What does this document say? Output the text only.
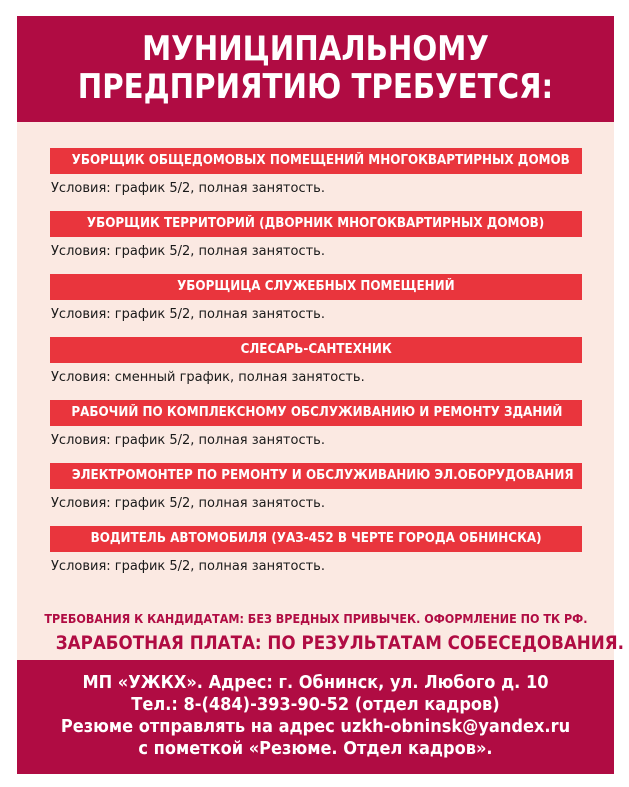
МУНИЦИПАЛЬНОМУ
ПРЕДПРИЯТИЮ ТРЕБУЕТСЯ:
УБОРЩИК ОБЩЕДОМОВЫХ ПОМЕЩЕНИЙ МНОГОКВАРТИРНЫХ ДОМОВ
Условия: график 5/2, полная занятость.
УБОРЩИК ТЕРРИТОРИЙ (ДВОРНИК МНОГОКВАРТИРНЫХ ДОМОВ)
Условия: график 5/2, полная занятость.
УБОРЩИЦА СЛУЖЕБНЫХ ПОМЕЩЕНИЙ
Условия: график 5/2, полная занятость.
СЛЕСАРЬ-САНТЕХНИК
Условия: сменный график, полная занятость.
РАБОЧИЙ ПО КОМПЛЕКСНОМУ ОБСЛУЖИВАНИЮ И РЕМОНТУ ЗДАНИЙ
Условия: график 5/2, полная занятость.
ЭЛЕКТРОМОНТЕР ПО РЕМОНТУ И ОБСЛУЖИВАНИЮ ЭЛ.ОБОРУДОВАНИЯ
Условия: график 5/2, полная занятость.
ВОДИТЕЛЬ АВТОМОБИЛЯ (УАЗ-452 В ЧЕРТЕ ГОРОДА ОБНИНСКА)
Условия: график 5/2, полная занятость.
ТРЕБОВАНИЯ К КАНДИДАТАМ: БЕЗ ВРЕДНЫХ ПРИВЫЧЕК. ОФОРМЛЕНИЕ ПО ТК РФ.
ЗАРАБОТНАЯ ПЛАТА: ПО РЕЗУЛЬТАТАМ СОБЕСЕДОВАНИЯ.
МП «УЖКХ». Адрес: г. Обнинск, ул. Любого д. 10
Тел.: 8-(484)-393-90-52 (отдел кадров)
Резюме отправлять на адрес uzkh-obninsk@yandex.ru
с пометкой «Резюме. Отдел кадров».
